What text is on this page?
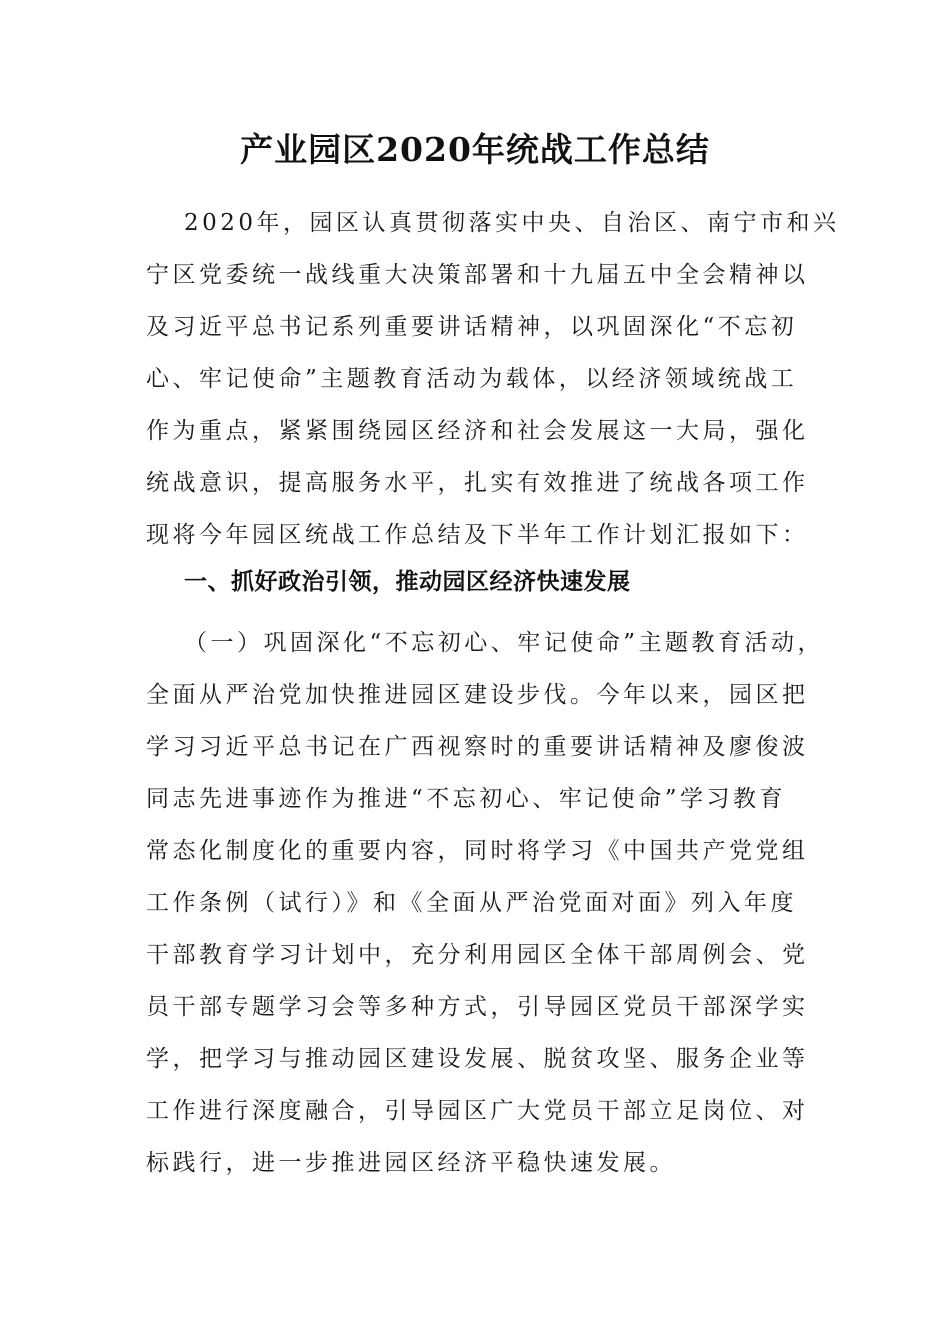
产业园区2020年统战工作总结
2020年，园区认真贯彻落实中央、自治区、南宁市和兴
宁区党委统一战线重大决策部署和十九届五中全会精神以
及习近平总书记系列重要讲话精神，以巩固深化“不忘初
心、牢记使命”主题教育活动为载体，以经济领域统战工
作为重点，紧紧围绕园区经济和社会发展这一大局，强化
统战意识，提高服务水平，扎实有效推进了统战各项工作
现将今年园区统战工作总结及下半年工作计划汇报如下：
一、抓好政治引领，推动园区经济快速发展
（一）巩固深化“不忘初心、牢记使命”主题教育活动，
全面从严治党加快推进园区建设步伐。今年以来，园区把
学习习近平总书记在广西视察时的重要讲话精神及廖俊波
同志先进事迹作为推进“不忘初心、牢记使命”学习教育
常态化制度化的重要内容，同时将学习《中国共产党党组
工作条例（试行）》和《全面从严治党面对面》列入年度
干部教育学习计划中，充分利用园区全体干部周例会、党
员干部专题学习会等多种方式，引导园区党员干部深学实
学，把学习与推动园区建设发展、脱贫攻坚、服务企业等
工作进行深度融合，引导园区广大党员干部立足岗位、对
标践行，进一步推进园区经济平稳快速发展。
